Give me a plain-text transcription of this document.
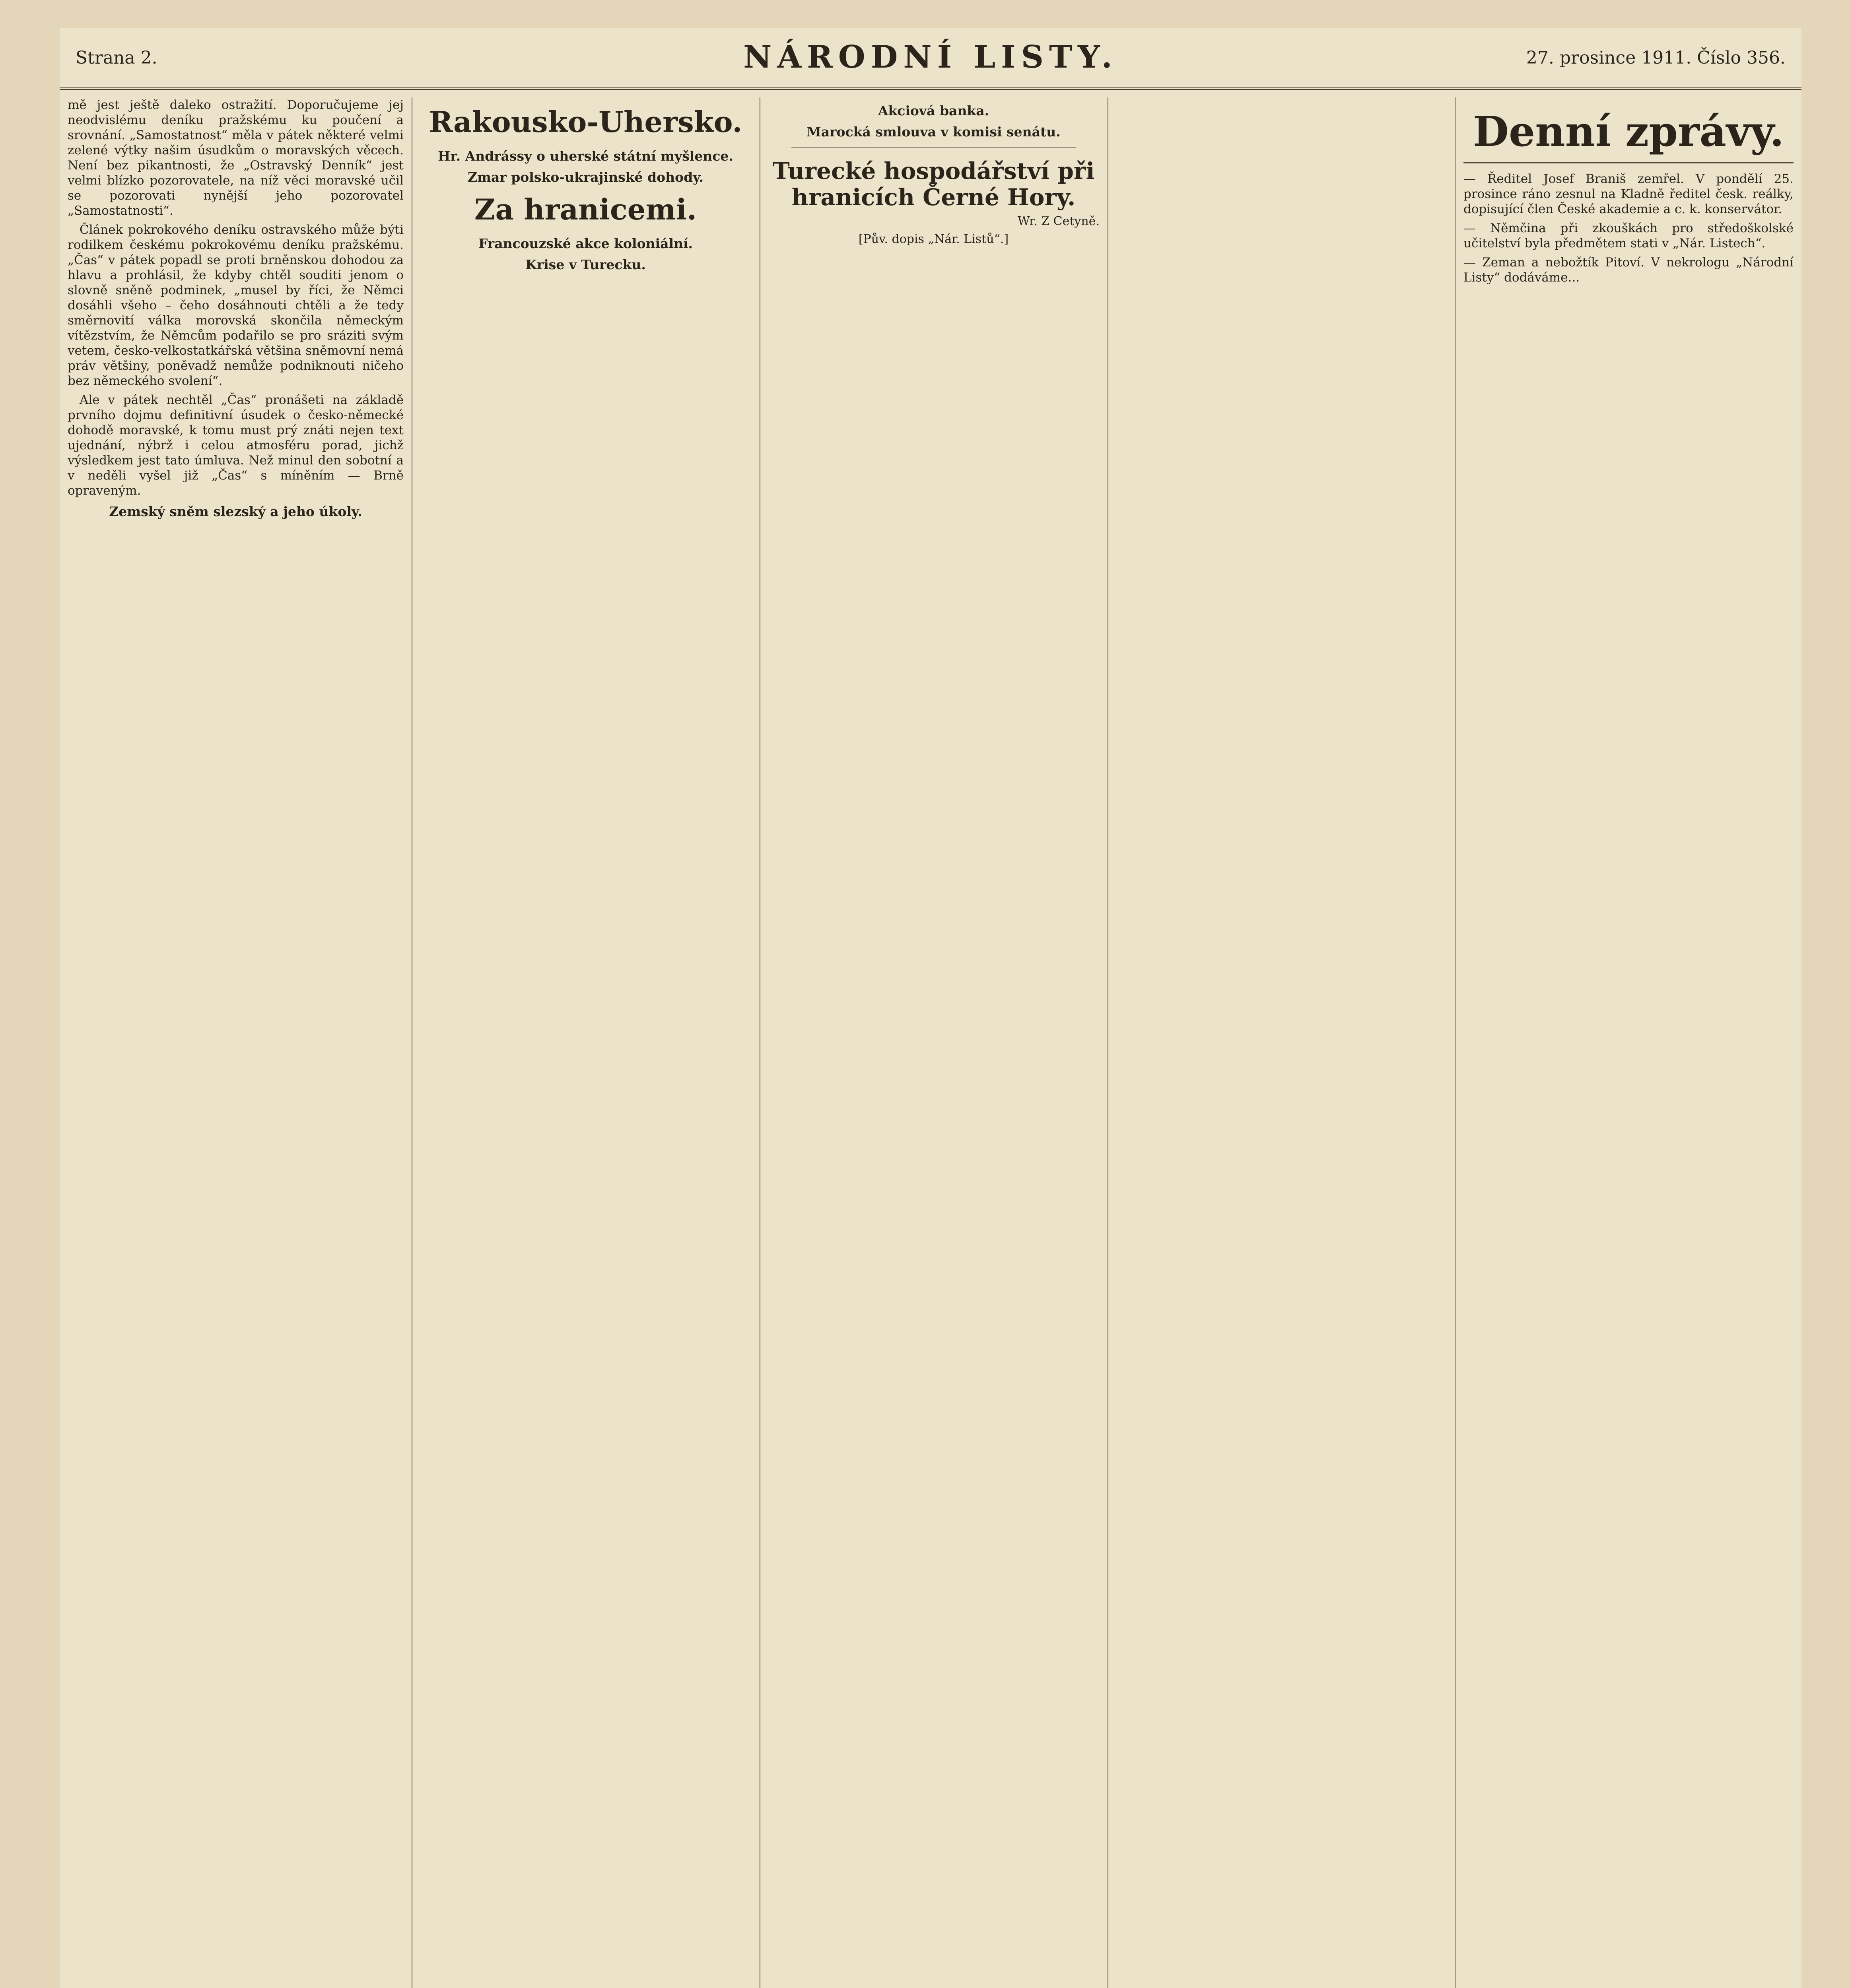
Strana 2.	NÁRODNÍ LISTY.	27. prosince 1911. Číslo 356.

mě jest ještě daleko ostražití. Doporučujeme jej neodvislému deníku pražskému ku poučení a srovnání. „Samostatnost“ měla v pátek některé velmi zelené výtky našim úsudkům o moravských věcech. Není bez pikantnosti, že „Ostravský Denník“ jest velmi blízko pozorovatele, na níž věci moravské učil se pozorovati nynější jeho pozorovatel „Samostatnosti“.

Článek pokrokového deníku ostravského může býti rodilkem českému pokrokovému deníku pražskému. „Čas“ v pátek popadl se proti brněnskou dohodou za hlavu a prohlásil, že kdyby chtěl souditi jenom o slovně sněně podminek, „musel by říci, že Němci dosáhli všeho – čeho dosáhnouti chtěli a že tedy směrnovití válka morovská skončila německým vítězstvím, že Němcům podařilo se pro sráziti svým vetem, česko-velkostatkářská většina sněmovní nemá práv většiny, poněvadž nemůže podniknouti ničeho bez německého svolení“.

Ale v pátek nechtěl „Čas“ pronášeti na základě prvního dojmu definitivní úsudek o česko-německé dohodě moravské, k tomu must prý znáti nejen text ujednání, nýbrž i celou atmosféru porad, jichž výsledkem jest tato úmluva. Než minul den sobotní a v neděli vyšel již „Čas“ s míněním — Brně opraveným.

Zemský sněm slezský a jeho úkoly.

Rakousko-Uhersko.
Hr. Andrássy o uherské státní myšlence.

Zmar polsko-ukrajinské dohody.

Za hranicemi.
Francouzské akce koloniální.

Krise v Turecku.

Akciová banka.

Marocká smlouva v komisi senátu.

Turecké hospodářství při hranicích Černé Hory.
Wr. Z Cetyně.
[Pův. dopis „Nár. Listů“.]

Denní zprávy.

— Ředitel Josef Braniš zemřel. V pondělí 25. prosince ráno zesnul na Kladně ředitel česk. reálky, dopisující člen České akademie a c. k. konservátor.

— Němčina při zkouškách pro středoškolské učitelství byla předmětem stati v „Nár. Listech“.

— Zeman a nebožtík Pitoví. V nekrologu „Národní Listy“ dodáváme...
